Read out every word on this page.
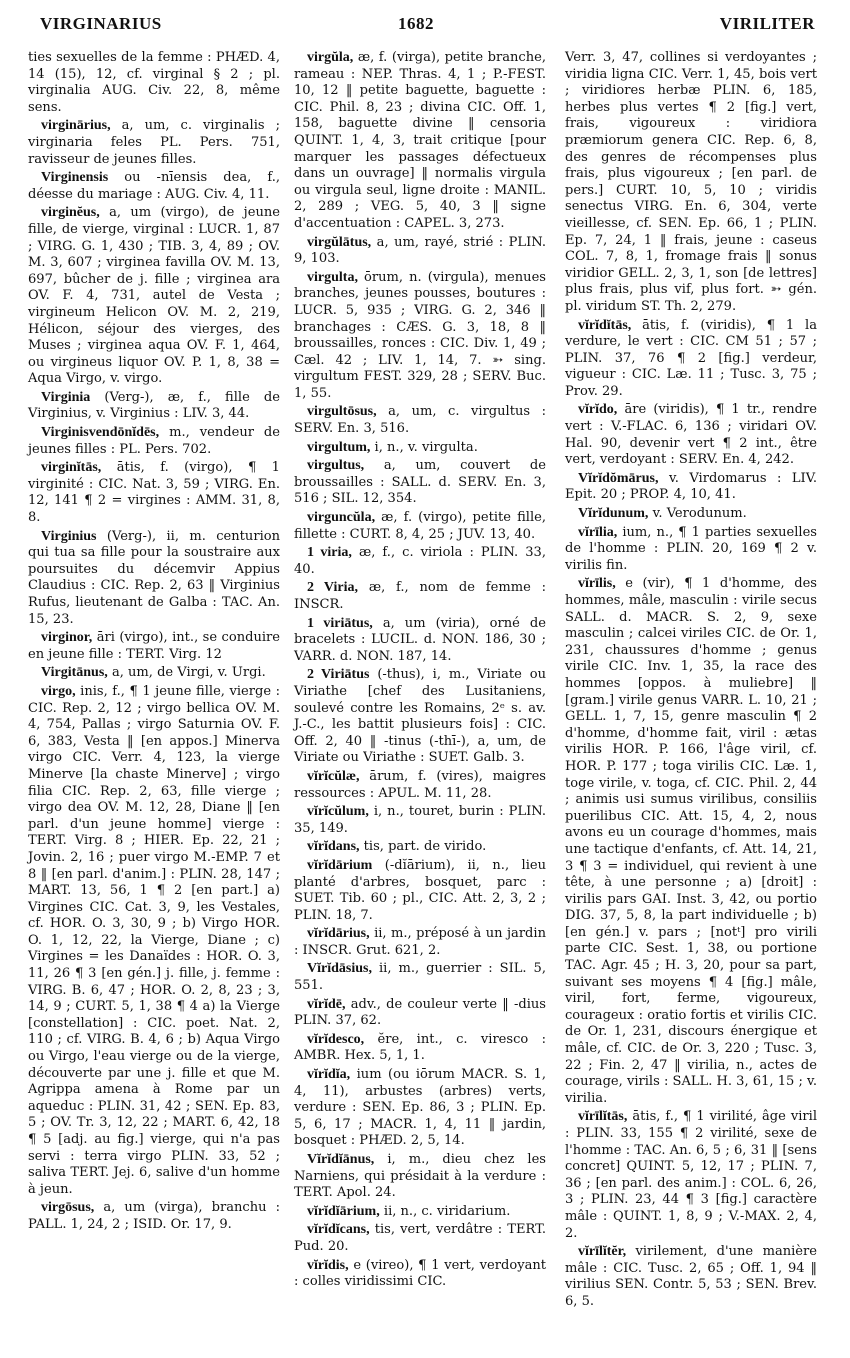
VIRGINARIUS	1682	VIRILITER

ties sexuelles de la femme : PHÆD. 4, 14 (15), 12, cf. virginal § 2 ; pl. virginalia AUG. Civ. 22, 8, même sens.

virginārius, a, um, c. virginalis ; virginaria feles PL. Pers. 751, ravisseur de jeunes filles.

Virginensis ou -nīensis dea, f., déesse du mariage : AUG. Civ. 4, 11.

virginĕus, a, um (virgo), de jeune fille, de vierge, virginal : LUCR. 1, 87 ; VIRG. G. 1, 430 ; TIB. 3, 4, 89 ; OV. M. 3, 607 ; virginea favilla OV. M. 13, 697, bûcher de j. fille ; virginea ara OV. F. 4, 731, autel de Vesta ; virgineum Helicon OV. M. 2, 219, Hélicon, séjour des vierges, des Muses ; virginea aqua OV. F. 1, 464, ou virgineus liquor OV. P. 1, 8, 38 = Aqua Virgo, v. virgo.

Virginia (Verg-), æ, f., fille de Virginius, v. Virginius : LIV. 3, 44.

Virginisvendōnĭdēs, m., vendeur de jeunes filles : PL. Pers. 702.

virginĭtās, ātis, f. (virgo), ¶ 1 virginité : CIC. Nat. 3, 59 ; VIRG. En. 12, 141 ¶ 2 = virgines : AMM. 31, 8, 8.

Virginius (Verg-), ii, m. centurion qui tua sa fille pour la soustraire aux poursuites du décemvir Appius Claudius : CIC. Rep. 2, 63 ‖ Virginius Rufus, lieutenant de Galba : TAC. An. 15, 23.

virginor, āri (virgo), int., se conduire en jeune fille : TERT. Virg. 12

Virgitānus, a, um, de Virgi, v. Urgi.

virgo, inis, f., ¶ 1 jeune fille, vierge : CIC. Rep. 2, 12 ; virgo bellica OV. M. 4, 754, Pallas ; virgo Saturnia OV. F. 6, 383, Vesta ‖ [en appos.] Minerva virgo CIC. Verr. 4, 123, la vierge Minerve [la chaste Minerve] ; virgo filia CIC. Rep. 2, 63, fille vierge ; virgo dea OV. M. 12, 28, Diane ‖ [en parl. d'un jeune homme] vierge : TERT. Virg. 8 ; HIER. Ep. 22, 21 ; Jovin. 2, 16 ; puer virgo M.-EMP. 7 et 8 ‖ [en parl. d'anim.] : PLIN. 28, 147 ; MART. 13, 56, 1 ¶ 2 [en part.] a) Virgines CIC. Cat. 3, 9, les Vestales, cf. HOR. O. 3, 30, 9 ; b) Virgo HOR. O. 1, 12, 22, la Vierge, Diane ; c) Virgines = les Danaïdes : HOR. O. 3, 11, 26 ¶ 3 [en gén.] j. fille, j. femme : VIRG. B. 6, 47 ; HOR. O. 2, 8, 23 ; 3, 14, 9 ; CURT. 5, 1, 38 ¶ 4 a) la Vierge [constellation] : CIC. poet. Nat. 2, 110 ; cf. VIRG. B. 4, 6 ; b) Aqua Virgo ou Virgo, l'eau vierge ou de la vierge, découverte par une j. fille et que M. Agrippa amena à Rome par un aqueduc : PLIN. 31, 42 ; SEN. Ep. 83, 5 ; OV. Tr. 3, 12, 22 ; MART. 6, 42, 18 ¶ 5 [adj. au fig.] vierge, qui n'a pas servi : terra virgo PLIN. 33, 52 ; saliva TERT. Jej. 6, salive d'un homme à jeun.

virgōsus, a, um (virga), branchu : PALL. 1, 24, 2 ; ISID. Or. 17, 9.

virgŭla, æ, f. (virga), petite branche, rameau : NEP. Thras. 4, 1 ; P.-FEST. 10, 12 ‖ petite baguette, baguette : CIC. Phil. 8, 23 ; divina CIC. Off. 1, 158, baguette divine ‖ censoria QUINT. 1, 4, 3, trait critique [pour marquer les passages défectueux dans un ouvrage] ‖ normalis virgula ou virgula seul, ligne droite : MANIL. 2, 289 ; VEG. 5, 40, 3 ‖ signe d'accentuation : CAPEL. 3, 273.

virgŭlātus, a, um, rayé, strié : PLIN. 9, 103.

virgulta, ōrum, n. (virgula), menues branches, jeunes pousses, boutures : LUCR. 5, 935 ; VIRG. G. 2, 346 ‖ branchages : CÆS. G. 3, 18, 8 ‖ broussailles, ronces : CIC. Div. 1, 49 ; Cæl. 42 ; LIV. 1, 14, 7. ➳ sing. virgultum FEST. 329, 28 ; SERV. Buc. 1, 55.

virgultōsus, a, um, c. virgultus : SERV. En. 3, 516.

virgultum, i, n., v. virgulta.

virgultus, a, um, couvert de broussailles : SALL. d. SERV. En. 3, 516 ; SIL. 12, 354.

virguncŭla, æ, f. (virgo), petite fille, fillette : CURT. 8, 4, 25 ; JUV. 13, 40.

1 viria, æ, f., c. viriola : PLIN. 33, 40.

2 Viria, æ, f., nom de femme : INSCR.

1 viriātus, a, um (viria), orné de bracelets : LUCIL. d. NON. 186, 30 ; VARR. d. NON. 187, 14.

2 Viriātus (-thus), i, m., Viriate ou Viriathe [chef des Lusitaniens, soulevé contre les Romains, 2ᵉ s. av. J.-C., les battit plusieurs fois] : CIC. Off. 2, 40 ‖ -tinus (-thī-), a, um, de Viriate ou Viriathe : SUET. Galb. 3.

vĭrĭcŭlæ, ārum, f. (vires), maigres ressources : APUL. M. 11, 28.

vĭrĭcŭlum, i, n., touret, burin : PLIN. 35, 149.

vĭrĭdans, tis, part. de virido.

vĭrĭdārium (-dĭārium), ii, n., lieu planté d'arbres, bosquet, parc : SUET. Tib. 60 ; pl., CIC. Att. 2, 3, 2 ; PLIN. 18, 7.

vĭrĭdārius, ii, m., préposé à un jardin : INSCR. Grut. 621, 2.

Vĭrĭdāsius, ii, m., guerrier : SIL. 5, 551.

vĭrĭdē, adv., de couleur verte ‖ -dius PLIN. 37, 62.

vĭrĭdesco, ĕre, int., c. viresco : AMBR. Hex. 5, 1, 1.

vĭrĭdĭa, ium (ou iōrum MACR. S. 1, 4, 11), arbustes (arbres) verts, verdure : SEN. Ep. 86, 3 ; PLIN. Ep. 5, 6, 17 ; MACR. 1, 4, 11 ‖ jardin, bosquet : PHÆD. 2, 5, 14.

Vĭrĭdĭānus, i, m., dieu chez les Narniens, qui présidait à la verdure : TERT. Apol. 24.

vĭrĭdĭārium, ii, n., c. viridarium.

vĭrĭdĭcans, tis, vert, verdâtre : TERT. Pud. 20.

vĭrĭdis, e (vireo), ¶ 1 vert, verdoyant : colles viridissimi CIC.

Verr. 3, 47, collines si verdoyantes ; viridia ligna CIC. Verr. 1, 45, bois vert ; viridiores herbæ PLIN. 6, 185, herbes plus vertes ¶ 2 [fig.] vert, frais, vigoureux : viridiora præmiorum genera CIC. Rep. 6, 8, des genres de récompenses plus frais, plus vigoureux ; [en parl. de pers.] CURT. 10, 5, 10 ; viridis senectus VIRG. En. 6, 304, verte vieillesse, cf. SEN. Ep. 66, 1 ; PLIN. Ep. 7, 24, 1 ‖ frais, jeune : caseus COL. 7, 8, 1, fromage frais ‖ sonus viridior GELL. 2, 3, 1, son [de lettres] plus frais, plus vif, plus fort. ➳ gén. pl. viridum ST. Th. 2, 279.

vĭrĭdĭtās, ātis, f. (viridis), ¶ 1 la verdure, le vert : CIC. CM 51 ; 57 ; PLIN. 37, 76 ¶ 2 [fig.] verdeur, vigueur : CIC. Læ. 11 ; Tusc. 3, 75 ; Prov. 29.

vĭrĭdo, āre (viridis), ¶ 1 tr., rendre vert : V.-FLAC. 6, 136 ; viridari OV. Hal. 90, devenir vert ¶ 2 int., être vert, verdoyant : SERV. En. 4, 242.

Vĭrĭdŏmārus, v. Virdomarus : LIV. Epit. 20 ; PROP. 4, 10, 41.

Vĭrĭdunum, v. Verodunum.

vĭrīlia, ium, n., ¶ 1 parties sexuelles de l'homme : PLIN. 20, 169 ¶ 2 v. virilis fin.

vĭrīlis, e (vir), ¶ 1 d'homme, des hommes, mâle, masculin : virile secus SALL. d. MACR. S. 2, 9, sexe masculin ; calcei viriles CIC. de Or. 1, 231, chaussures d'homme ; genus virile CIC. Inv. 1, 35, la race des hommes [oppos. à muliebre] ‖ [gram.] virile genus VARR. L. 10, 21 ; GELL. 1, 7, 15, genre masculin ¶ 2 d'homme, d'homme fait, viril : ætas virilis HOR. P. 166, l'âge viril, cf. HOR. P. 177 ; toga virilis CIC. Læ. 1, toge virile, v. toga, cf. CIC. Phil. 2, 44 ; animis usi sumus virilibus, consiliis puerilibus CIC. Att. 15, 4, 2, nous avons eu un courage d'hommes, mais une tactique d'enfants, cf. Att. 14, 21, 3 ¶ 3 = individuel, qui revient à une tête, à une personne ; a) [droit] : virilis pars GAI. Inst. 3, 42, ou portio DIG. 37, 5, 8, la part individuelle ; b) [en gén.] v. pars ; [notᵗ] pro virili parte CIC. Sest. 1, 38, ou portione TAC. Agr. 45 ; H. 3, 20, pour sa part, suivant ses moyens ¶ 4 [fig.] mâle, viril, fort, ferme, vigoureux, courageux : oratio fortis et virilis CIC. de Or. 1, 231, discours énergique et mâle, cf. CIC. de Or. 3, 220 ; Tusc. 3, 22 ; Fin. 2, 47 ‖ virilia, n., actes de courage, virils : SALL. H. 3, 61, 15 ; v. virilia.

vĭrīlĭtās, ātis, f., ¶ 1 virilité, âge viril : PLIN. 33, 155 ¶ 2 virilité, sexe de l'homme : TAC. An. 6, 5 ; 6, 31 ‖ [sens concret] QUINT. 5, 12, 17 ; PLIN. 7, 36 ; [en parl. des anim.] : COL. 6, 26, 3 ; PLIN. 23, 44 ¶ 3 [fig.] caractère mâle : QUINT. 1, 8, 9 ; V.-MAX. 2, 4, 2.

vĭrīlĭtĕr, virilement, d'une manière mâle : CIC. Tusc. 2, 65 ; Off. 1, 94 ‖ virilius SEN. Contr. 5, 53 ; SEN. Brev. 6, 5.
